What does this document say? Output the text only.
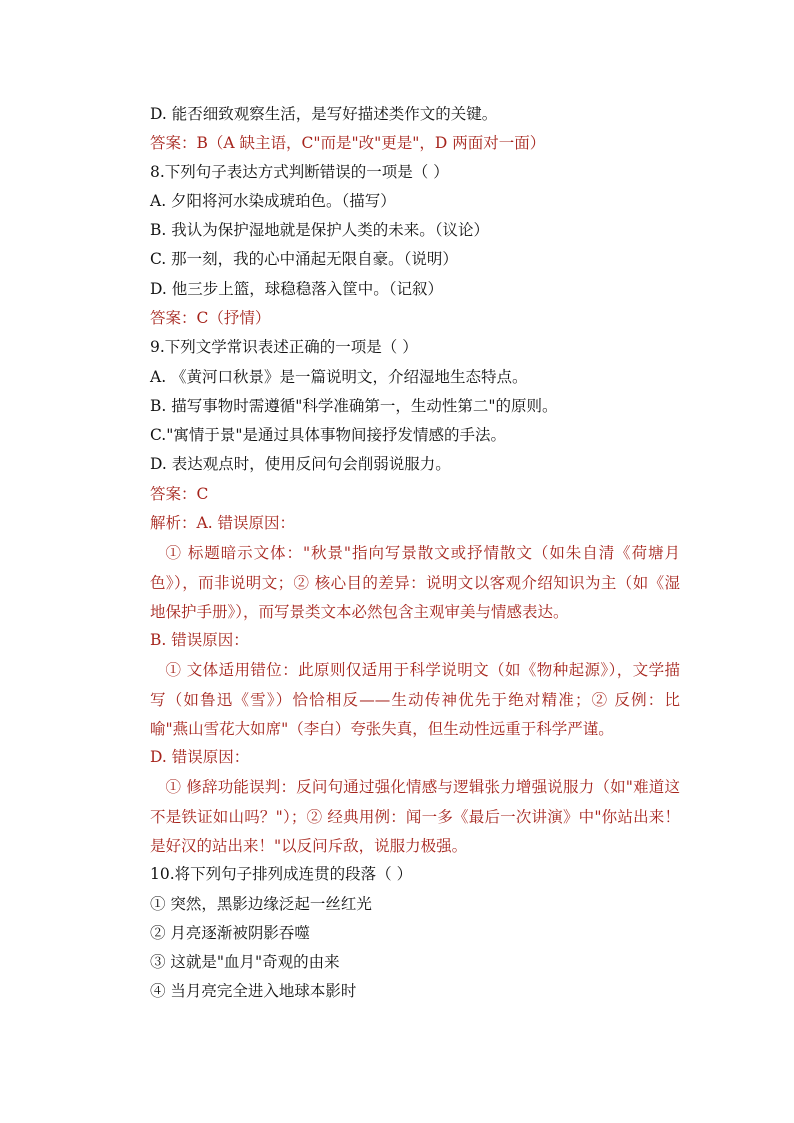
D. 能否细致观察生活，是写好描述类作文的关键。
答案：B（A 缺主语，C"而是"改"更是"，D 两面对一面）
8.下列句子表达方式判断错误的一项是（ ）
A. 夕阳将河水染成琥珀色。（描写）
B. 我认为保护湿地就是保护人类的未来。（议论）
C. 那一刻，我的心中涌起无限自豪。（说明）
D. 他三步上篮，球稳稳落入筐中。（记叙）
答案：C（抒情）
9.下列文学常识表述正确的一项是（ ）
A. 《黄河口秋景》是一篇说明文，介绍湿地生态特点。
B. 描写事物时需遵循"科学准确第一，生动性第二"的原则。
C."寓情于景"是通过具体事物间接抒发情感的手法。
D. 表达观点时，使用反问句会削弱说服力。
答案：C
解析：A. 错误原因：
① 标题暗示文体："秋景"指向写景散文或抒情散文（如朱自清《荷塘月色》），而非说明文；② 核心目的差异：说明文以客观介绍知识为主（如《湿地保护手册》），而写景类文本必然包含主观审美与情感表达。
B. 错误原因：
① 文体适用错位：此原则仅适用于科学说明文（如《物种起源》），文学描写（如鲁迅《雪》）恰恰相反——生动传神优先于绝对精准；② 反例：比喻"燕山雪花大如席"（李白）夸张失真，但生动性远重于科学严谨。
D. 错误原因：
① 修辞功能误判：反问句通过强化情感与逻辑张力增强说服力（如"难道这不是铁证如山吗？"）；② 经典用例：闻一多《最后一次讲演》中"你站出来！是好汉的站出来！"以反问斥敌，说服力极强。
10.将下列句子排列成连贯的段落（ ）
① 突然，黑影边缘泛起一丝红光
② 月亮逐渐被阴影吞噬
③ 这就是"血月"奇观的由来
④ 当月亮完全进入地球本影时
